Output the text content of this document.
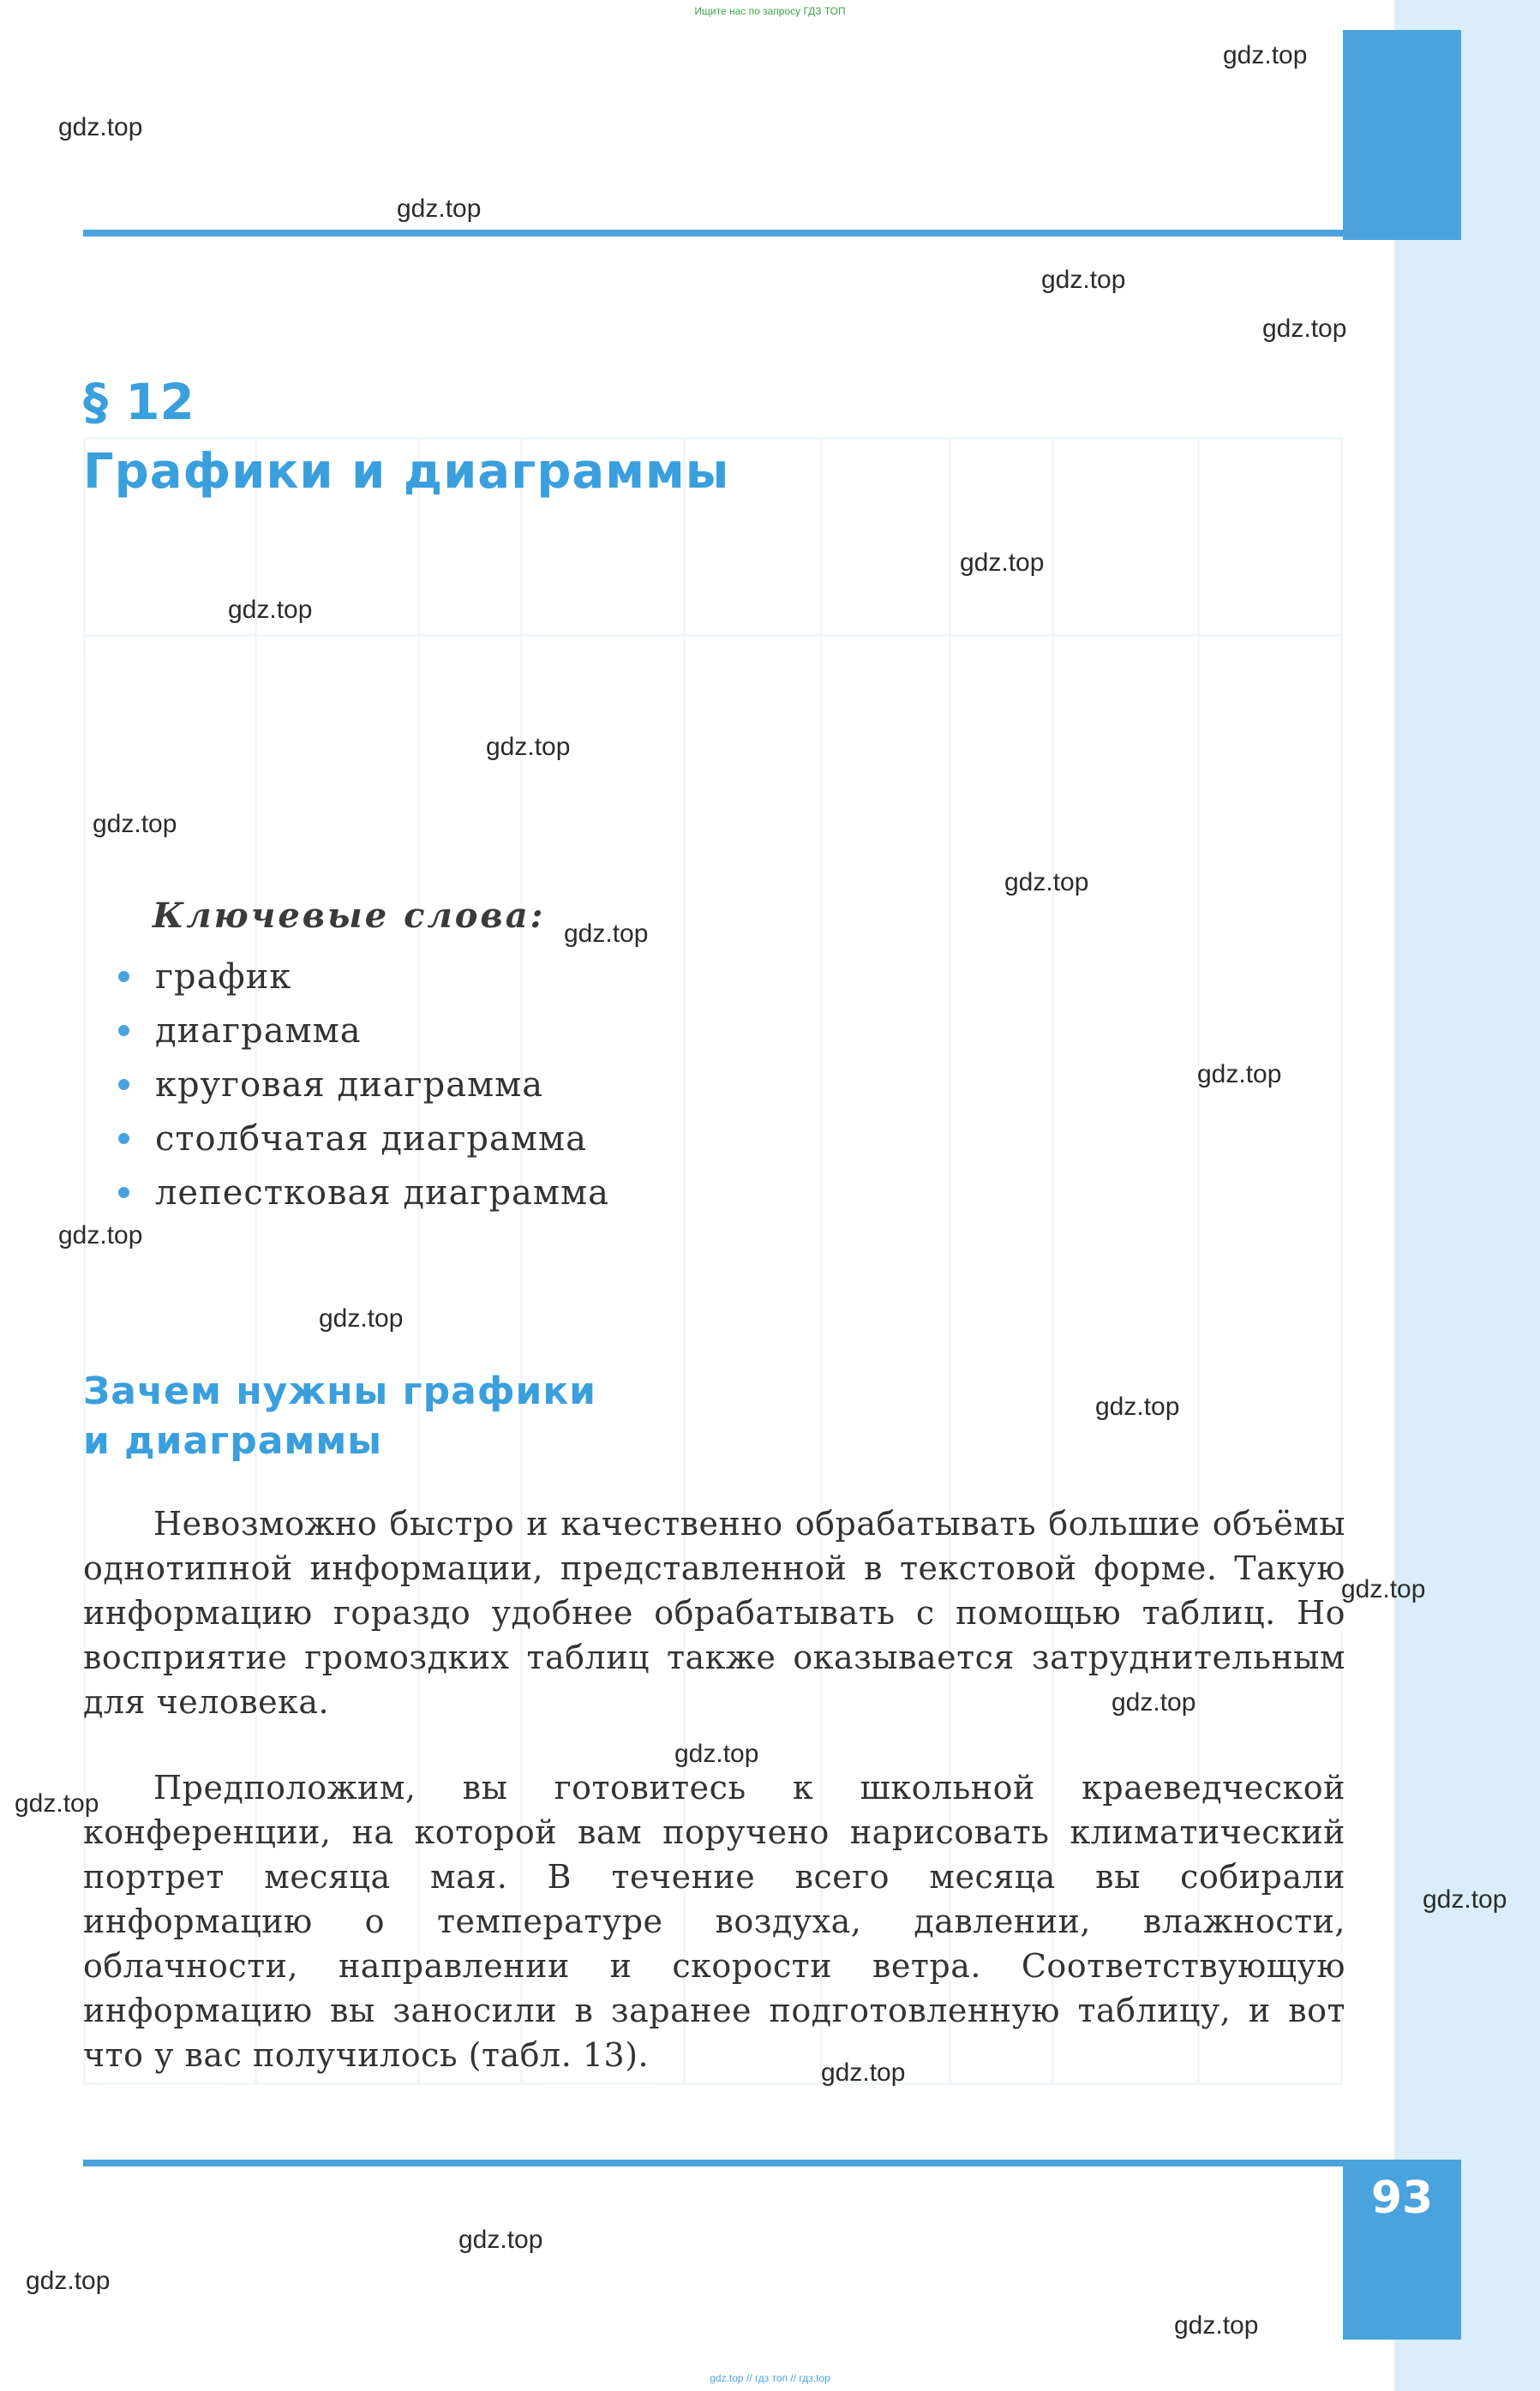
Ищите нас по запросу ГДЗ ТОП
§ 12
Графики и диаграммы
Ключевые слова:
график
диаграмма
круговая диаграмма
столбчатая диаграмма
лепестковая диаграмма
Зачем нужны графики
и диаграммы

Невозможно быстро и качественно обрабатывать большие объёмы однотипной информации, представленной в текстовой форме. Такую информацию гораздо удобнее обрабатывать с помощью таблиц. Но восприятие громоздких таблиц также оказывается затруднительным для человека.

Предположим, вы готовитесь к школьной краеведческой конференции, на которой вам поручено нарисовать климатический портрет месяца мая. В течение всего месяца вы собирали информацию о температуре воздуха, давлении, влажности, облачности, направлении и скорости ветра. Соответствующую информацию вы заносили в заранее подготовленную таблицу, и вот что у вас получилось (табл. 13).

93
gdz.top // гдз топ // гдз.top
gdz.top
gdz.top
gdz.top
gdz.top
gdz.top
gdz.top
gdz.top
gdz.top
gdz.top
gdz.top
gdz.top
gdz.top
gdz.top
gdz.top
gdz.top
gdz.top
gdz.top
gdz.top
gdz.top
gdz.top
gdz.top
gdz.top
gdz.top
gdz.top
